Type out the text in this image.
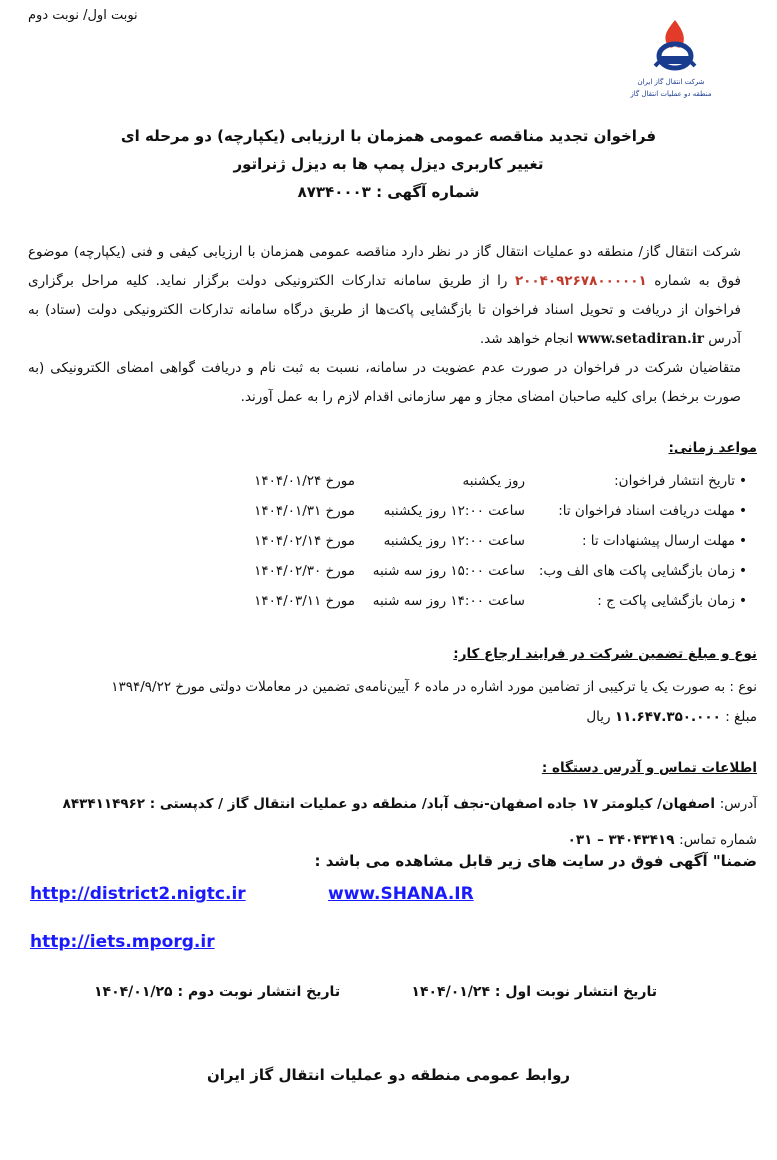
نوبت اول/ نوبت دوم
شرکت انتقال گاز ایران
منطقه دو عملیات انتقال گاز
فراخوان تجدید مناقصه عمومی همزمان با ارزیابی (یکپارچه) دو مرحله ای
تغییر کاربری دیزل پمپ ها به دیزل ژنراتور
شماره آگهی : ۸۷۳۴۰۰۰۳

شرکت انتقال گاز/ منطقه دو عملیات انتقال گاز در نظر دارد مناقصه عمومی همزمان با ارزیابی کیفی و فنی (یکپارچه) موضوع فوق به شماره ۲۰۰۴۰۹۲۶۷۸۰۰۰۰۰۱ را از طریق سامانه تدارکات الکترونیکی دولت برگزار نماید. کلیه مراحل برگزاری فراخوان از دریافت و تحویل اسناد فراخوان تا بازگشایی پاکت‌ها از طریق درگاه سامانه تدارکات الکترونیکی دولت (ستاد) به آدرس www.setadiran.ir انجام خواهد شد.

متقاضیان شرکت در فراخوان در صورت عدم عضویت در سامانه، نسبت به ثبت نام و دریافت گواهی امضای الکترونیکی (به صورت برخط) برای کلیه صاحبان امضای مجاز و مهر سازمانی اقدام لازم را به عمل آورند.

مواعد زمانی:
•
تاریخ انتشار فراخوان:
روز یکشنبه
مورخ ۱۴۰۴/۰۱/۲۴
•
مهلت دریافت اسناد فراخوان تا:
ساعت ۱۲:۰۰ روز یکشنبه
مورخ ۱۴۰۴/۰۱/۳۱
•
مهلت ارسال پیشنهادات تا :
ساعت ۱۲:۰۰ روز یکشنبه
مورخ ۱۴۰۴/۰۲/۱۴
•
زمان بازگشایی پاکت های الف وب:
ساعت ۱۵:۰۰ روز سه شنبه
مورخ ۱۴۰۴/۰۲/۳۰
•
زمان بازگشایی پاکت ج :
ساعت ۱۴:۰۰ روز سه شنبه
مورخ ۱۴۰۴/۰۳/۱۱
نوع و مبلغ تضمین شرکت در فرایند ارجاع کار:
نوع : به صورت یک یا ترکیبی از تضامین مورد اشاره در ماده ۶ آیین‌نامه‌ی تضمین در معاملات دولتی مورخ ۱۳۹۴/۹/۲۲
مبلغ : ۱۱.۶۴۷.۳۵۰.۰۰۰ ریال
اطلاعات تماس و آدرس دستگاه :
آدرس: اصفهان/ کیلومتر ۱۷ جاده اصفهان-نجف آباد/ منطقه دو عملیات انتقال گاز / کدپستی : ۸۴۳۴۱۱۴۹۶۲
شماره تماس: ۳۴۰۴۳۴۱۹ – ۰۳۱
ضمنا" آگهی فوق در سایت های زیر قابل مشاهده می باشد :
www.SHANA.IR
http://district2.nigtc.ir
http://iets.mporg.ir
تاریخ انتشار نوبت اول : ۱۴۰۴/۰۱/۲۴
تاریخ انتشار نوبت دوم : ۱۴۰۴/۰۱/۲۵
روابط عمومی منطقه دو عملیات انتقال گاز ایران
